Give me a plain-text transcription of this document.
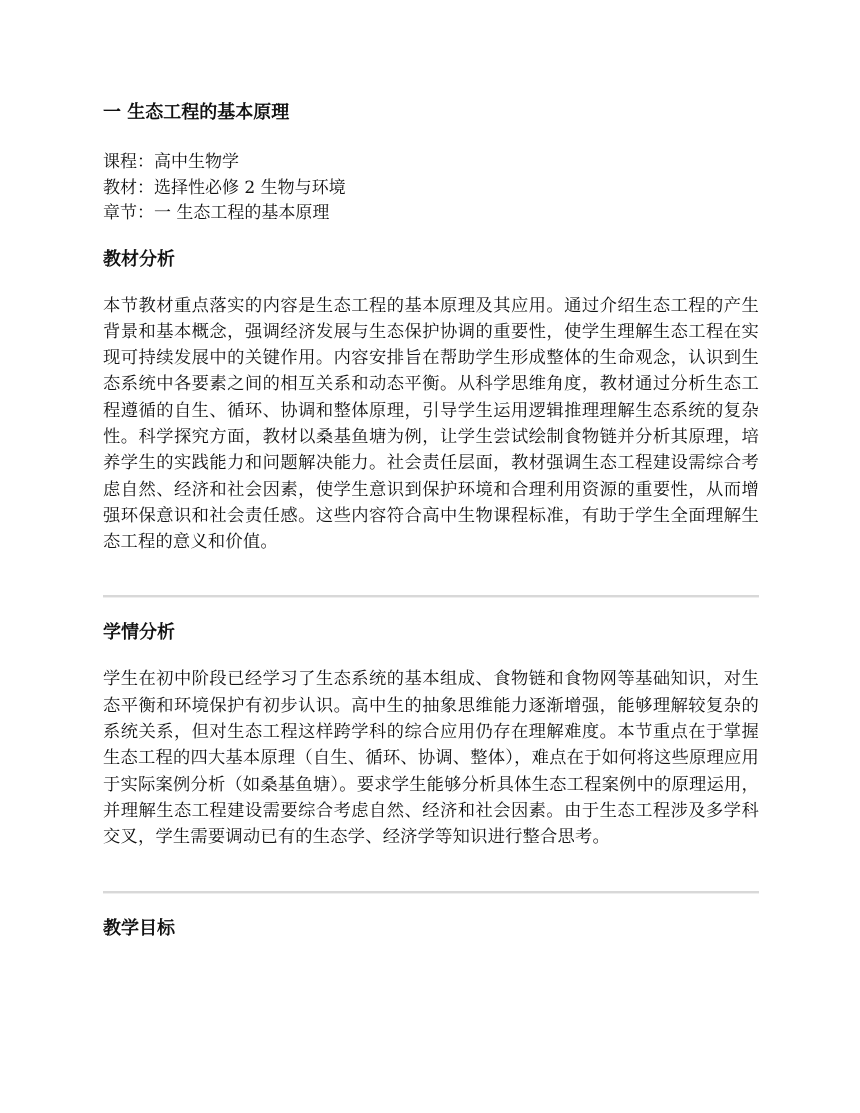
一 生态工程的基本原理
课程：高中生物学
教材：选择性必修 2 生物与环境
章节：一 生态工程的基本原理
教材分析

本节教材重点落实的内容是生态工程的基本原理及其应用。通过介绍生态工程的产生背景和基本概念，强调经济发展与生态保护协调的重要性，使学生理解生态工程在实现可持续发展中的关键作用。内容安排旨在帮助学生形成整体的生命观念，认识到生态系统中各要素之间的相互关系和动态平衡。从科学思维角度，教材通过分析生态工程遵循的自生、循环、协调和整体原理，引导学生运用逻辑推理理解生态系统的复杂性。科学探究方面，教材以桑基鱼塘为例，让学生尝试绘制食物链并分析其原理，培养学生的实践能力和问题解决能力。社会责任层面，教材强调生态工程建设需综合考虑自然、经济和社会因素，使学生意识到保护环境和合理利用资源的重要性，从而增强环保意识和社会责任感。这些内容符合高中生物课程标准，有助于学生全面理解生态工程的意义和价值。

学情分析

学生在初中阶段已经学习了生态系统的基本组成、食物链和食物网等基础知识，对生态平衡和环境保护有初步认识。高中生的抽象思维能力逐渐增强，能够理解较复杂的系统关系，但对生态工程这样跨学科的综合应用仍存在理解难度。本节重点在于掌握生态工程的四大基本原理（自生、循环、协调、整体），难点在于如何将这些原理应用于实际案例分析（如桑基鱼塘）。要求学生能够分析具体生态工程案例中的原理运用，并理解生态工程建设需要综合考虑自然、经济和社会因素。由于生态工程涉及多学科交叉，学生需要调动已有的生态学、经济学等知识进行整合思考。

教学目标
